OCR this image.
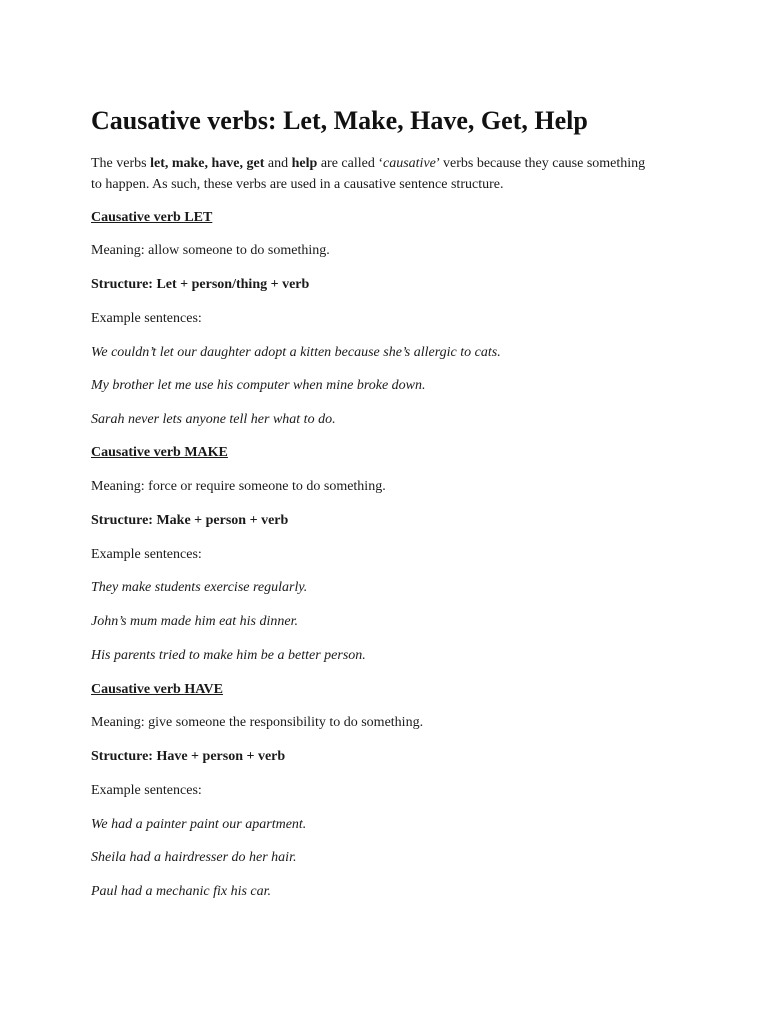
Causative verbs: Let, Make, Have, Get, Help
The verbs let, make, have, get and help are called ‘causative’ verbs because they cause something to happen. As such, these verbs are used in a causative sentence structure.
Causative verb LET
Meaning: allow someone to do something.
Structure: Let + person/thing + verb
Example sentences:
We couldn’t let our daughter adopt a kitten because she’s allergic to cats.
My brother let me use his computer when mine broke down.
Sarah never lets anyone tell her what to do.
Causative verb MAKE
Meaning: force or require someone to do something.
Structure: Make + person + verb
Example sentences:
They make students exercise regularly.
John’s mum made him eat his dinner.
His parents tried to make him be a better person.
Causative verb HAVE
Meaning: give someone the responsibility to do something.
Structure: Have + person + verb
Example sentences:
We had a painter paint our apartment.
Sheila had a hairdresser do her hair.
Paul had a mechanic fix his car.
